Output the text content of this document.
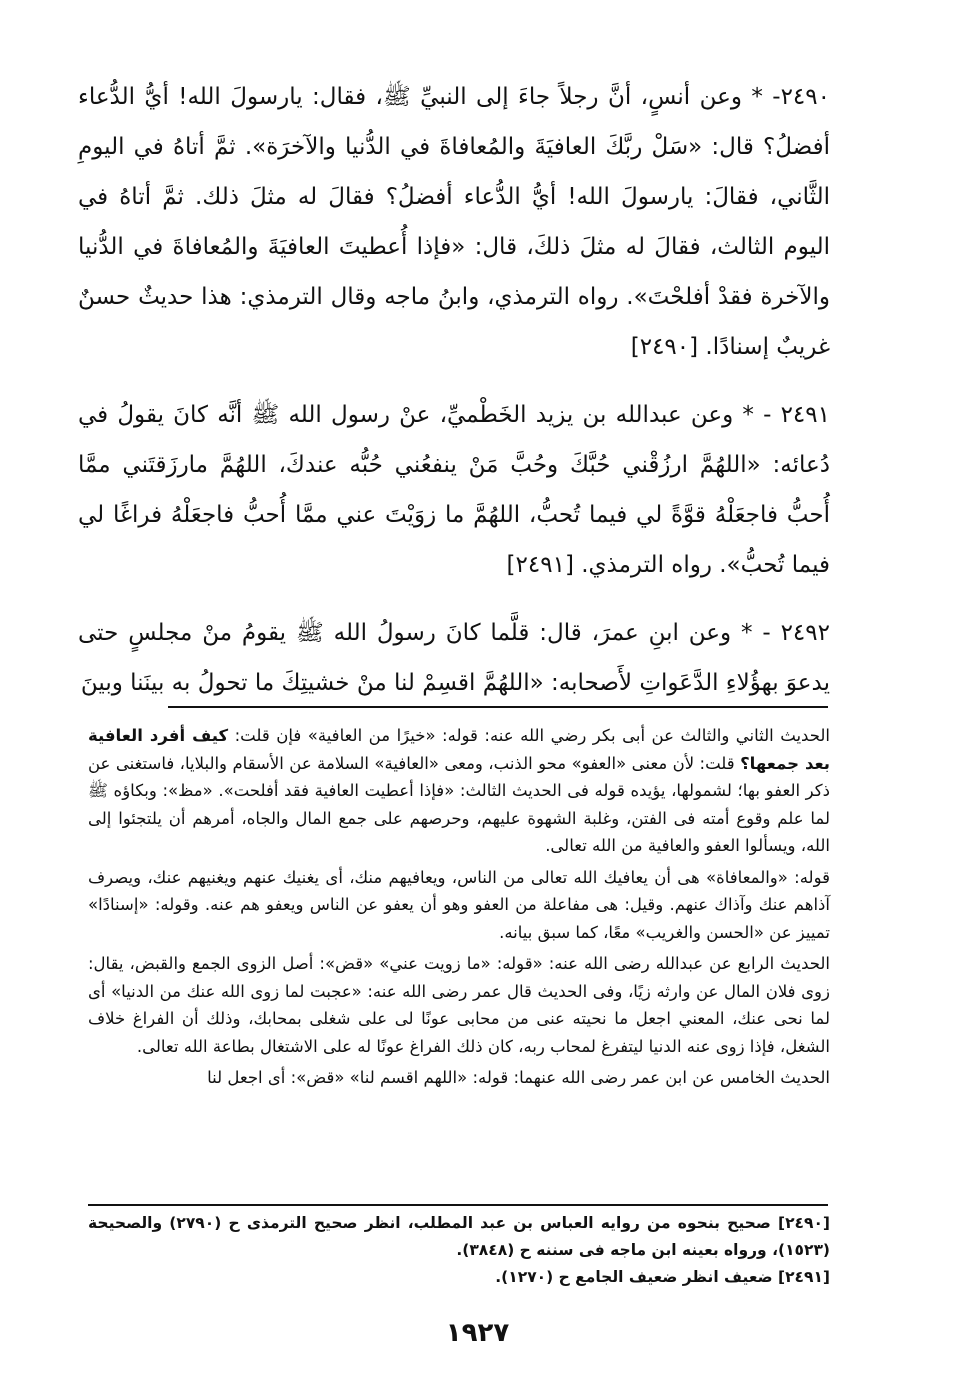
٢٤٩٠- * وعن أنسٍ، أنَّ رجلاً جاءَ إلى النبيِّ ﷺ، فقال: يارسولَ الله! أيُّ الدُّعاء أفضلُ؟ قال: «سَلْ ربَّكَ العافيَةَ والمُعافاةَ في الدُّنيا والآخرَة». ثمَّ أتاهُ في اليومِ الثَّاني، فقالَ: يارسولَ الله! أيُّ الدُّعاء أفضلُ؟ فقالَ له مثلَ ذلك. ثمَّ أتاهُ في اليوم الثالث، فقالَ له مثلَ ذلكَ، قال: «فإذا أُعطيتَ العافيَةَ والمُعافاةَ في الدُّنيا والآخرة فقدْ أفلحْتَ». رواه الترمذي، وابنُ ماجه وقال الترمذي: هذا حديثٌ حسنٌ غريبٌ إسنادًا. [٢٤٩٠]

٢٤٩١ - * وعن عبدالله بن يزيد الخَطْميِّ، عنْ رسول الله ﷺ أنَّه كانَ يقولُ في دُعائه: «اللهُمَّ ارزُقْني حُبَّكَ وحُبَّ مَنْ ينفعُني حُبُّه عندكَ، اللهُمَّ مارزَقتَني ممَّا أُحبُّ فاجعَلْهُ قوَّةً لي فيما تُحبُّ، اللهُمَّ ما زوَيْتَ عني ممَّا أُحبُّ فاجعَلْهُ فراغًا لي فيما تُحبُّ». رواه الترمذي. [٢٤٩١]

٢٤٩٢ - * وعن ابنِ عمرَ، قال: قلَّما كانَ رسولُ الله ﷺ يقومُ منْ مجلسٍ حتى يدعوَ بهؤُلاءِ الدَّعَواتِ لأَصحابه: «اللهُمَّ اقسِمْ لنا منْ خشيتِكَ ما تحولُ به بينَنا وبينَ

الحديث الثاني والثالث عن أبى بكر رضي الله عنه: قوله: «خيرًا من العافية» فإن قلت: كيف أفرد العافية بعد جمعها؟ قلت: لأن معنى «العفو» محو الذنب، ومعى «العافية» السلامة عن الأسقام والبلايا، فاستغنى عن ذكر العفو بها؛ لشمولها، يؤيده قوله فى الحديث الثالث: «فإذا أعطيت العافية فقد أفلحت». «مظ»: وبكاؤه ﷺ لما علم وقوع أمته فى الفتن، وغلبة الشهوة عليهم، وحرصهم على جمع المال والجاه، أمرهم أن يلتجئوا إلى الله، ويسألوا العفو والعافية من الله تعالى.

قوله: «والمعافاة» هى أن يعافيك الله تعالى من الناس، ويعافيهم منك، أى يغنيك عنهم ويغنيهم عنك، ويصرف آذاهم عنك وآذاك عنهم. وقيل: هى مفاعلة من العفو وهو أن يعفو عن الناس ويعفو هم عنه. وقوله: «إسنادًا» تمييز عن «الحسن والغريب» معًا، كما سبق بيانه.

الحديث الرابع عن عبدالله رضى الله عنه: «قوله: «ما زويت عني» «قض»: أصل الزوى الجمع والقبض، يقال: زوى فلان المال عن وارثه زيًا، وفى الحديث قال عمر رضى الله عنه: «عجبت لما زوى الله عنك من الدنيا» أى لما نحى عنك، المعني اجعل ما نحيته عنى من محابى عونًا لى على شغلى بمحابك، وذلك أن الفراغ خلاف الشغل، فإذا زوى عنه الدنيا ليتفرغ لمحاب ربه، كان ذلك الفراغ عونًا له على الاشتغال بطاعة الله تعالى.

الحديث الخامس عن ابن عمر رضى الله عنهما: قوله: «اللهم اقسم لنا» «قض»: أى اجعل لنا

[٢٤٩٠] صحيح بنحوه من روايه العباس بن عبد المطلب، انظر صحيح الترمذى ح (٢٧٩٠) والصحيحة (١٥٢٣)، ورواه بعينه ابن ماجه فى سننه ح (٣٨٤٨).

[٢٤٩١] ضعيف انظر ضعيف الجامع ح (١٢٧٠).

١٩٢٧
